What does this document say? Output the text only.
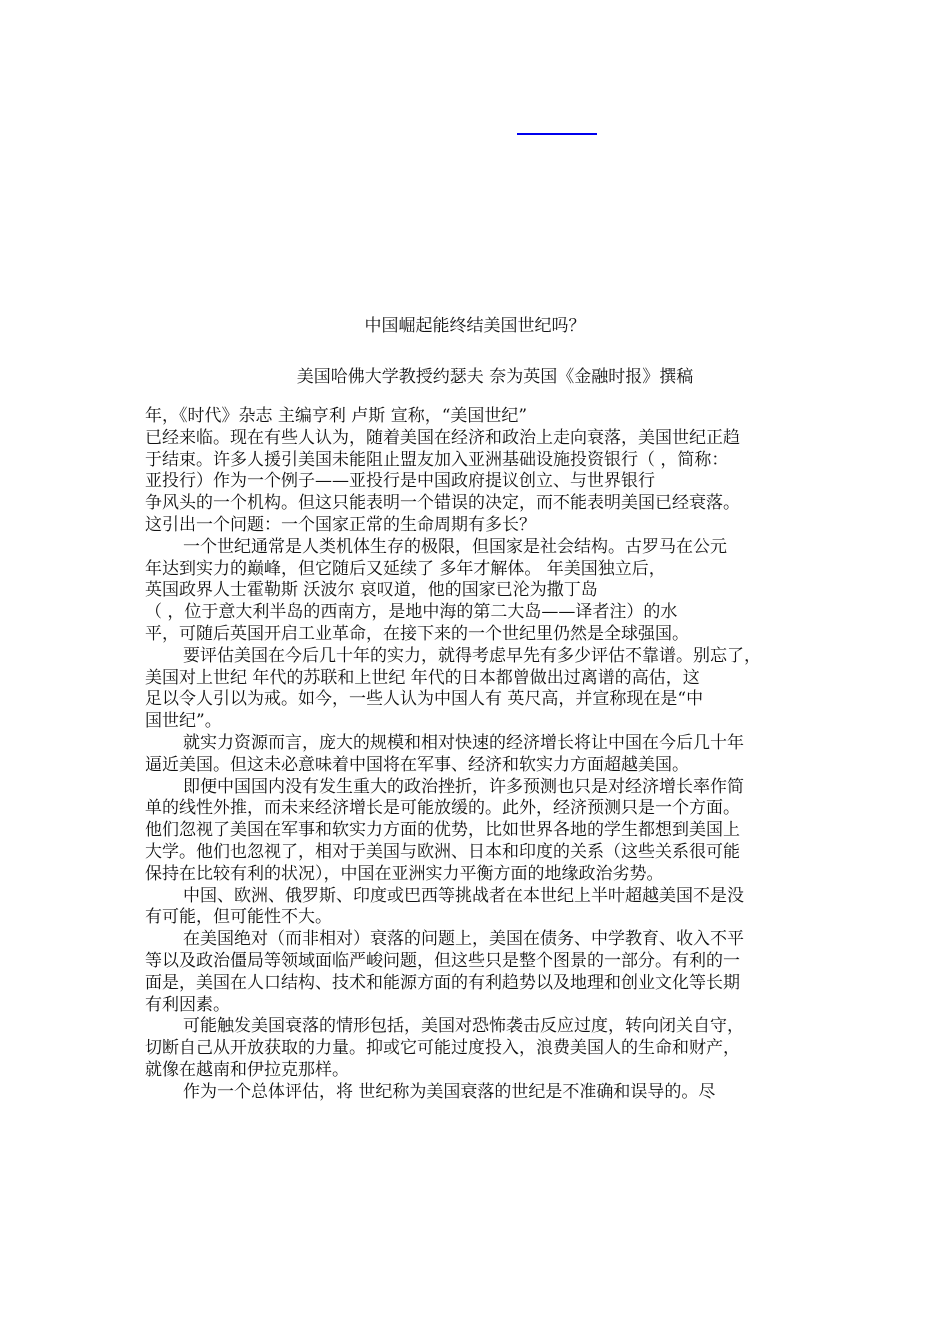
中国崛起能终结美国世纪吗？
美国哈佛大学教授约瑟夫 奈为英国《金融时报》撰稿
年，《时代》杂志 主编亨利 卢斯 宣称，“美国世纪”
已经来临。现在有些人认为，随着美国在经济和政治上走向衰落，美国世纪正趋
于结束。许多人援引美国未能阻止盟友加入亚洲基础设施投资银行（ ，简称：
亚投行）作为一个例子——亚投行是中国政府提议创立、与世界银行
争风头的一个机构。但这只能表明一个错误的决定，而不能表明美国已经衰落。
这引出一个问题：一个国家正常的生命周期有多长？
一个世纪通常是人类机体生存的极限，但国家是社会结构。古罗马在公元
年达到实力的巅峰，但它随后又延续了 多年才解体。 年美国独立后，
英国政界人士霍勒斯 沃波尔 哀叹道，他的国家已沦为撒丁岛
（ ，位于意大利半岛的西南方，是地中海的第二大岛——译者注）的水
平，可随后英国开启工业革命，在接下来的一个世纪里仍然是全球强国。
要评估美国在今后几十年的实力，就得考虑早先有多少评估不靠谱。别忘了，
美国对上世纪 年代的苏联和上世纪 年代的日本都曾做出过离谱的高估，这
足以令人引以为戒。如今，一些人认为中国人有 英尺高，并宣称现在是“中
国世纪”。
就实力资源而言，庞大的规模和相对快速的经济增长将让中国在今后几十年
逼近美国。但这未必意味着中国将在军事、经济和软实力方面超越美国。
即便中国国内没有发生重大的政治挫折，许多预测也只是对经济增长率作简
单的线性外推，而未来经济增长是可能放缓的。此外，经济预测只是一个方面。
他们忽视了美国在军事和软实力方面的优势，比如世界各地的学生都想到美国上
大学。他们也忽视了，相对于美国与欧洲、日本和印度的关系（这些关系很可能
保持在比较有利的状况），中国在亚洲实力平衡方面的地缘政治劣势。
中国、欧洲、俄罗斯、印度或巴西等挑战者在本世纪上半叶超越美国不是没
有可能，但可能性不大。
在美国绝对（而非相对）衰落的问题上，美国在债务、中学教育、收入不平
等以及政治僵局等领域面临严峻问题，但这些只是整个图景的一部分。有利的一
面是，美国在人口结构、技术和能源方面的有利趋势以及地理和创业文化等长期
有利因素。
可能触发美国衰落的情形包括，美国对恐怖袭击反应过度，转向闭关自守，
切断自己从开放获取的力量。抑或它可能过度投入，浪费美国人的生命和财产，
就像在越南和伊拉克那样。
作为一个总体评估，将 世纪称为美国衰落的世纪是不准确和误导的。尽
